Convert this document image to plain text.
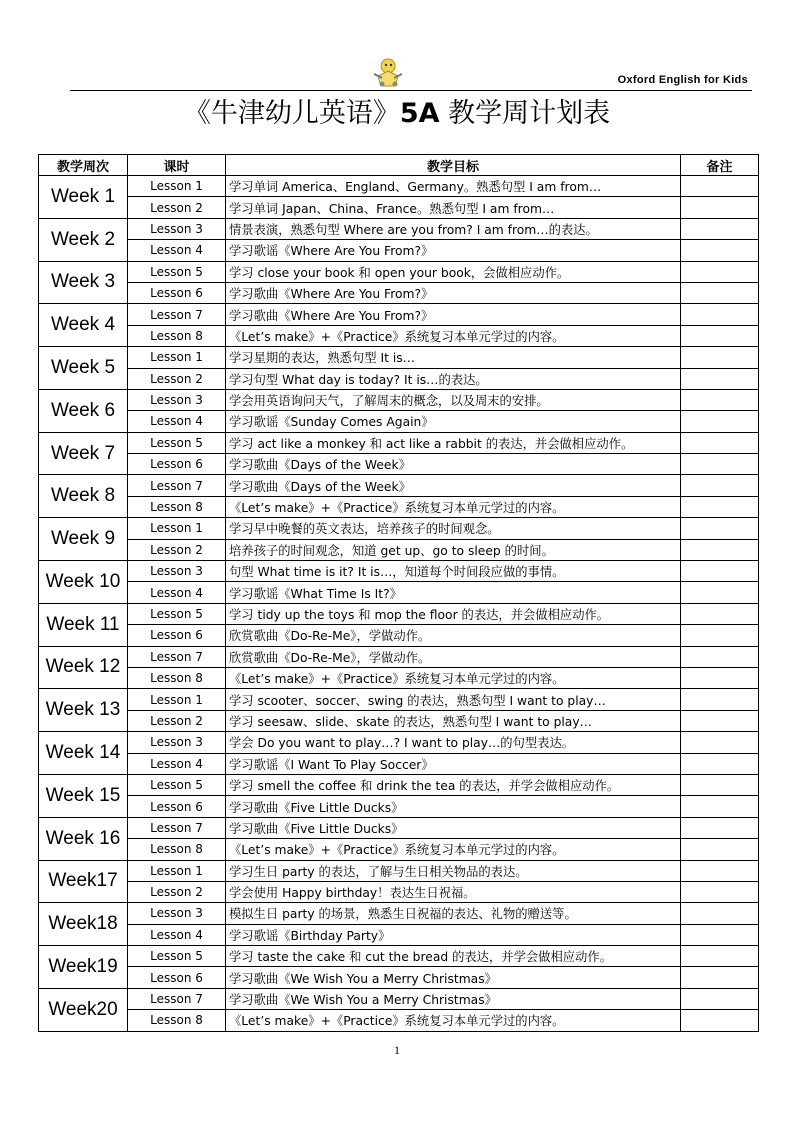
Oxford English for Kids
《牛津幼儿英语》5A 教学周计划表
教学周次	课时	教学目标	备注
Week 1	Lesson 1	学习单词 America、England、Germany。熟悉句型 I am from…	
	Lesson 2	学习单词 Japan、China、France。熟悉句型 I am from…	
Week 2	Lesson 3	情景表演，熟悉句型 Where are you from? I am from…的表达。	
	Lesson 4	学习歌谣《Where Are You From?》	
Week 3	Lesson 5	学习 close your book 和 open your book，会做相应动作。	
	Lesson 6	学习歌曲《Where Are You From?》	
Week 4	Lesson 7	学习歌曲《Where Are You From?》	
	Lesson 8	《Let’s make》+《Practice》系统复习本单元学过的内容。	
Week 5	Lesson 1	学习星期的表达，熟悉句型 It is…	
	Lesson 2	学习句型 What day is today? It is…的表达。	
Week 6	Lesson 3	学会用英语询问天气，了解周末的概念，以及周末的安排。	
	Lesson 4	学习歌谣《Sunday Comes Again》	
Week 7	Lesson 5	学习 act like a monkey 和 act like a rabbit 的表达，并会做相应动作。	
	Lesson 6	学习歌曲《Days of the Week》	
Week 8	Lesson 7	学习歌曲《Days of the Week》	
	Lesson 8	《Let’s make》+《Practice》系统复习本单元学过的内容。	
Week 9	Lesson 1	学习早中晚餐的英文表达，培养孩子的时间观念。	
	Lesson 2	培养孩子的时间观念，知道 get up、go to sleep 的时间。	
Week 10	Lesson 3	句型 What time is it? It is…，知道每个时间段应做的事情。	
	Lesson 4	学习歌谣《What Time Is It?》	
Week 11	Lesson 5	学习 tidy up the toys 和 mop the floor 的表达，并会做相应动作。	
	Lesson 6	欣赏歌曲《Do-Re-Me》，学做动作。	
Week 12	Lesson 7	欣赏歌曲《Do-Re-Me》，学做动作。	
	Lesson 8	《Let’s make》+《Practice》系统复习本单元学过的内容。	
Week 13	Lesson 1	学习 scooter、soccer、swing 的表达，熟悉句型 I want to play…	
	Lesson 2	学习 seesaw、slide、skate 的表达，熟悉句型 I want to play…	
Week 14	Lesson 3	学会 Do you want to play…? I want to play…的句型表达。	
	Lesson 4	学习歌谣《I Want To Play Soccer》	
Week 15	Lesson 5	学习 smell the coffee 和 drink the tea 的表达，并学会做相应动作。	
	Lesson 6	学习歌曲《Five Little Ducks》	
Week 16	Lesson 7	学习歌曲《Five Little Ducks》	
	Lesson 8	《Let’s make》+《Practice》系统复习本单元学过的内容。	
Week17	Lesson 1	学习生日 party 的表达，了解与生日相关物品的表达。	
	Lesson 2	学会使用 Happy birthday！表达生日祝福。	
Week18	Lesson 3	模拟生日 party 的场景，熟悉生日祝福的表达、礼物的赠送等。	
	Lesson 4	学习歌谣《Birthday Party》	
Week19	Lesson 5	学习 taste the cake 和 cut the bread 的表达，并学会做相应动作。	
	Lesson 6	学习歌曲《We Wish You a Merry Christmas》	
Week20	Lesson 7	学习歌曲《We Wish You a Merry Christmas》	
	Lesson 8	《Let’s make》+《Practice》系统复习本单元学过的内容。	
1
